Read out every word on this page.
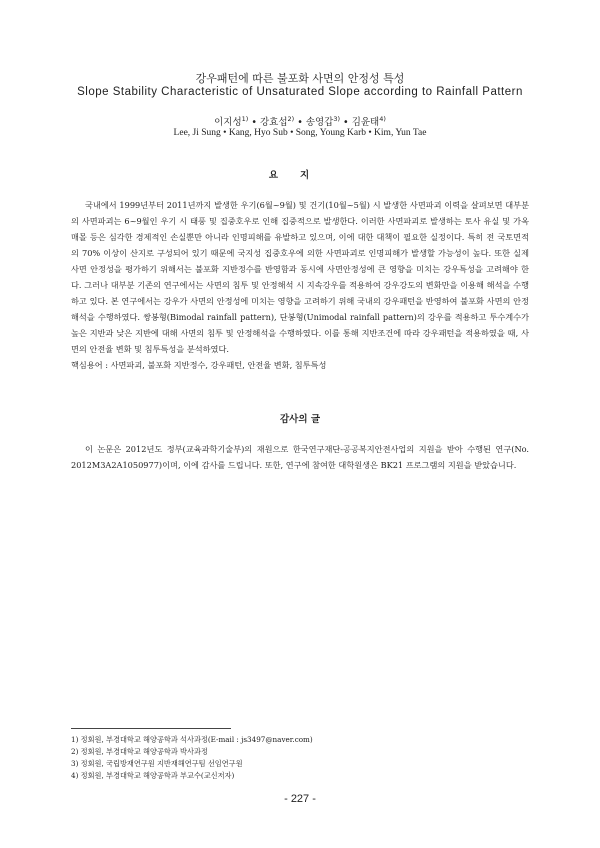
강우패턴에 따른 불포화 사면의 안정성 특성
Slope Stability Characteristic of Unsaturated Slope according to Rainfall Pattern
이지성$^{1)}$ • 강효섭$^{2)}$ • 송영갑$^{3)}$ • 김윤태$^{4)}$
Lee, Ji Sung • Kang, Hyo Sub • Song, Young Karb • Kim, Yun Tae
요지

국내에서 1999년부터 2011년까지 발생한 우기(6월~9월) 및 건기(10월~5월) 시 발생한 사면파괴 이력을 살펴보면 대부분의 사면파괴는 6~9월인 우기 시 태풍 및 집중호우로 인해 집중적으로 발생한다. 이러한 사면파괴로 발생하는 토사 유실 및 가옥 매몰 등은 심각한 경제적인 손실뿐만 아니라 인명피해를 유발하고 있으며, 이에 대한 대책이 필요한 실정이다. 특히 전 국토면적의 70% 이상이 산지로 구성되어 있기 때문에 국지성 집중호우에 의한 사면파괴로 인명피해가 발생할 가능성이 높다. 또한 실제 사면 안정성을 평가하기 위해서는 불포화 지반정수를 반영함과 동시에 사면안정성에 큰 영향을 미치는 강우특성을 고려해야 한다. 그러나 대부분 기존의 연구에서는 사면의 침투 및 안정해석 시 지속강우를 적용하여 강우강도의 변화만을 이용해 해석을 수행하고 있다. 본 연구에서는 강우가 사면의 안정성에 미치는 영향을 고려하기 위해 국내의 강우패턴을 반영하여 불포화 사면의 안정해석을 수행하였다. 쌍봉형(Bimodal rainfall pattern), 단봉형(Unimodal rainfall pattern)의 강우를 적용하고 투수계수가 높은 지반과 낮은 지반에 대해 사면의 침투 및 안정해석을 수행하였다. 이를 통해 지반조건에 따라 강우패턴을 적용하였을 때, 사면의 안전율 변화 및 침투특성을 분석하였다.

핵심용어 : 사면파괴, 불포화 지반정수, 강우패턴, 안전율 변화, 침투특성

감사의 글

이 논문은 2012년도 정부(교육과학기술부)의 재원으로 한국연구재단-공공복지안전사업의 지원을 받아 수행된 연구(No. 2012M3A2A1050977)이며, 이에 감사를 드립니다. 또한, 연구에 참여한 대학원생은 BK21 프로그램의 지원을 받았습니다.

1) 정회원, 부경대학교 해양공학과 석사과정(E-mail : js3497@naver.com)
2) 정회원, 부경대학교 해양공학과 박사과정
3) 정회원, 국립방재연구원 지반재해연구팀 선임연구원
4) 정회원, 부경대학교 해양공학과 부교수(교신저자)
- 227 -
